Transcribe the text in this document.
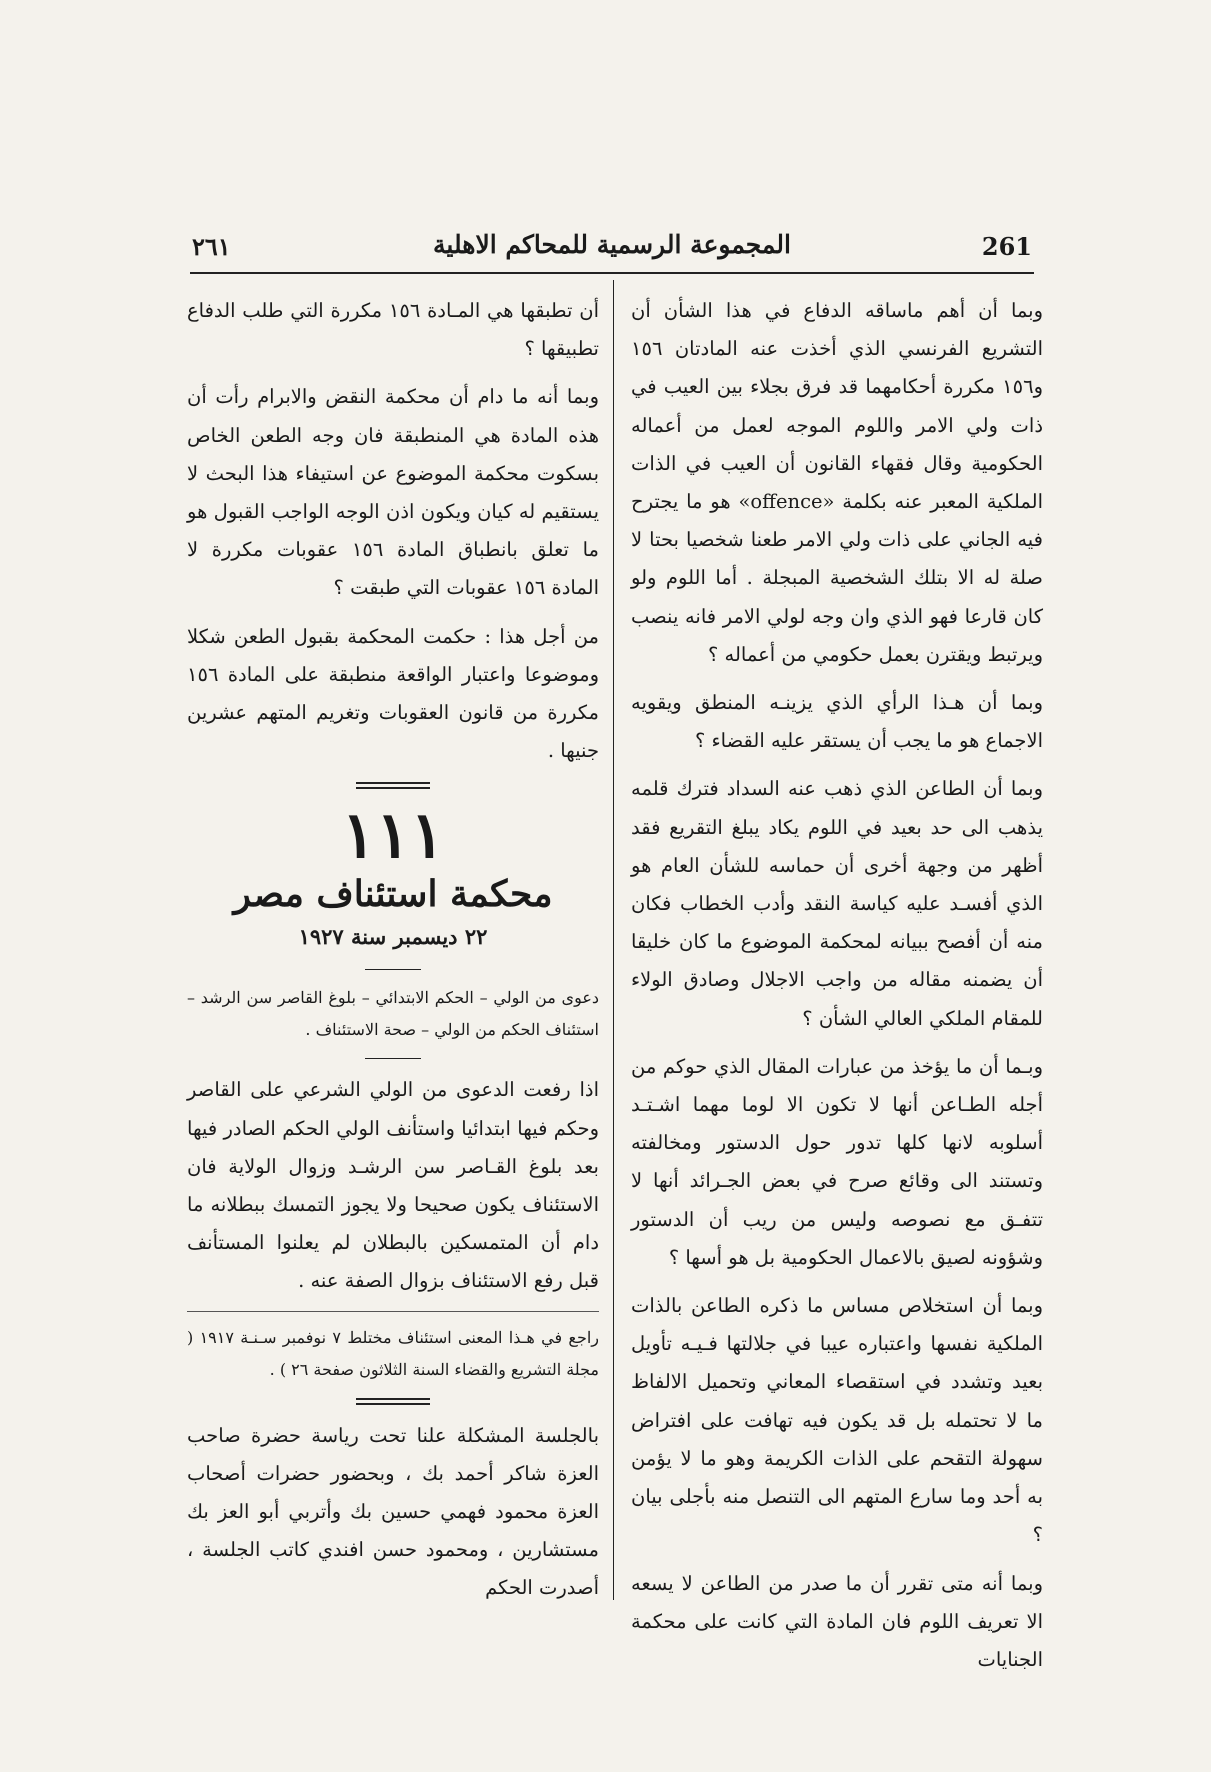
261
المجموعة الرسمية للمحاكم الاهلية
٢٦١

وبما أن أهم ماساقه الدفاع في هذا الشأن أن التشريع الفرنسي الذي أخذت عنه المادتان ١٥٦ و١٥٦ مكررة أحكامهما قد فرق بجلاء بين العيب في ذات ولي الامر واللوم الموجه لعمل من أعماله الحكومية وقال فقهاء القانون أن العيب في الذات الملكية المعبر عنه بكلمة «offence» هو ما يجترح فيه الجاني على ذات ولي الامر طعنا شخصيا بحتا لا صلة له الا بتلك الشخصية المبجلة . أما اللوم ولو كان قارعا فهو الذي وان وجه لولي الامر فانه ينصب ويرتبط ويقترن بعمل حكومي من أعماله ؟

وبما أن هـذا الرأي الذي يزينـه المنطق ويقويه الاجماع هو ما يجب أن يستقر عليه القضاء ؟

وبما أن الطاعن الذي ذهب عنه السداد فترك قلمه يذهب الى حد بعيد في اللوم يكاد يبلغ التقريع فقد أظهر من وجهة أخرى أن حماسه للشأن العام هو الذي أفسـد عليه كياسة النقد وأدب الخطاب فكان منه أن أفصح ببيانه لمحكمة الموضوع ما كان خليقا أن يضمنه مقاله من واجب الاجلال وصادق الولاء للمقام الملكي العالي الشأن ؟

وبـما أن ما يؤخذ من عبارات المقال الذي حوكم من أجله الطـاعن أنها لا تكون الا لوما مهما اشـتـد أسلوبه لانها كلها تدور حول الدستور ومخالفته وتستند الى وقائع صرح في بعض الجـرائد أنها لا تتفـق مع نصوصه وليس من ريب أن الدستور وشؤونه لصيق بالاعمال الحكومية بل هو أسها ؟

وبما أن استخلاص مساس ما ذكره الطاعن بالذات الملكية نفسها واعتباره عيبا في جلالتها فـيـه تأويل بعيد وتشدد في استقصاء المعاني وتحميل الالفاظ ما لا تحتمله بل قد يكون فيه تهافت على افتراض سهولة التقحم على الذات الكريمة وهو ما لا يؤمن به أحد وما سارع المتهم الى التنصل منه بأجلى بيان ؟

وبما أنه متى تقرر أن ما صدر من الطاعن لا يسعه الا تعريف اللوم فان المادة التي كانت على محكمة الجنايات

أن تطبقها هي المـادة ١٥٦ مكررة التي طلب الدفاع تطبيقها ؟

وبما أنه ما دام أن محكمة النقض والابرام رأت أن هذه المادة هي المنطبقة فان وجه الطعن الخاص بسكوت محكمة الموضوع عن استيفاء هذا البحث لا يستقيم له كيان ويكون اذن الوجه الواجب القبول هو ما تعلق بانطباق المادة ١٥٦ عقوبات مكررة لا المادة ١٥٦ عقوبات التي طبقت ؟

من أجل هذا : حكمت المحكمة بقبول الطعن شكلا وموضوعا واعتبار الواقعة منطبقة على المادة ١٥٦ مكررة من قانون العقوبات وتغريم المتهم عشرين جنيها .

١١١
محكمة استئناف مصر
٢٢ ديسمبر سنة ١٩٢٧

دعوى من الولي – الحكم الابتدائي – بلوغ القاصر سن الرشد – استئناف الحكم من الولي – صحة الاستئناف .

اذا رفعت الدعوى من الولي الشرعي على القاصر وحكم فيها ابتدائيا واستأنف الولي الحكم الصادر فيها بعد بلوغ القـاصر سن الرشـد وزوال الولاية فان الاستئناف يكون صحيحا ولا يجوز التمسك ببطلانه ما دام أن المتمسكين بالبطلان لم يعلنوا المستأنف قبل رفع الاستئناف بزوال الصفة عنه .

راجع في هـذا المعنى استئناف مختلط ٧ نوفمبر سـنـة ١٩١٧ ( مجلة التشريع والقضاء السنة الثلاثون صفحة ٢٦ ) .

بالجلسة المشكلة علنا تحت رياسة حضرة صاحب العزة شاكر أحمد بك ، وبحضور حضرات أصحاب العزة محمود فهمي حسين بك وأتربي أبو العز بك مستشارين ، ومحمود حسن افندي كاتب الجلسة ، أصدرت الحكم
